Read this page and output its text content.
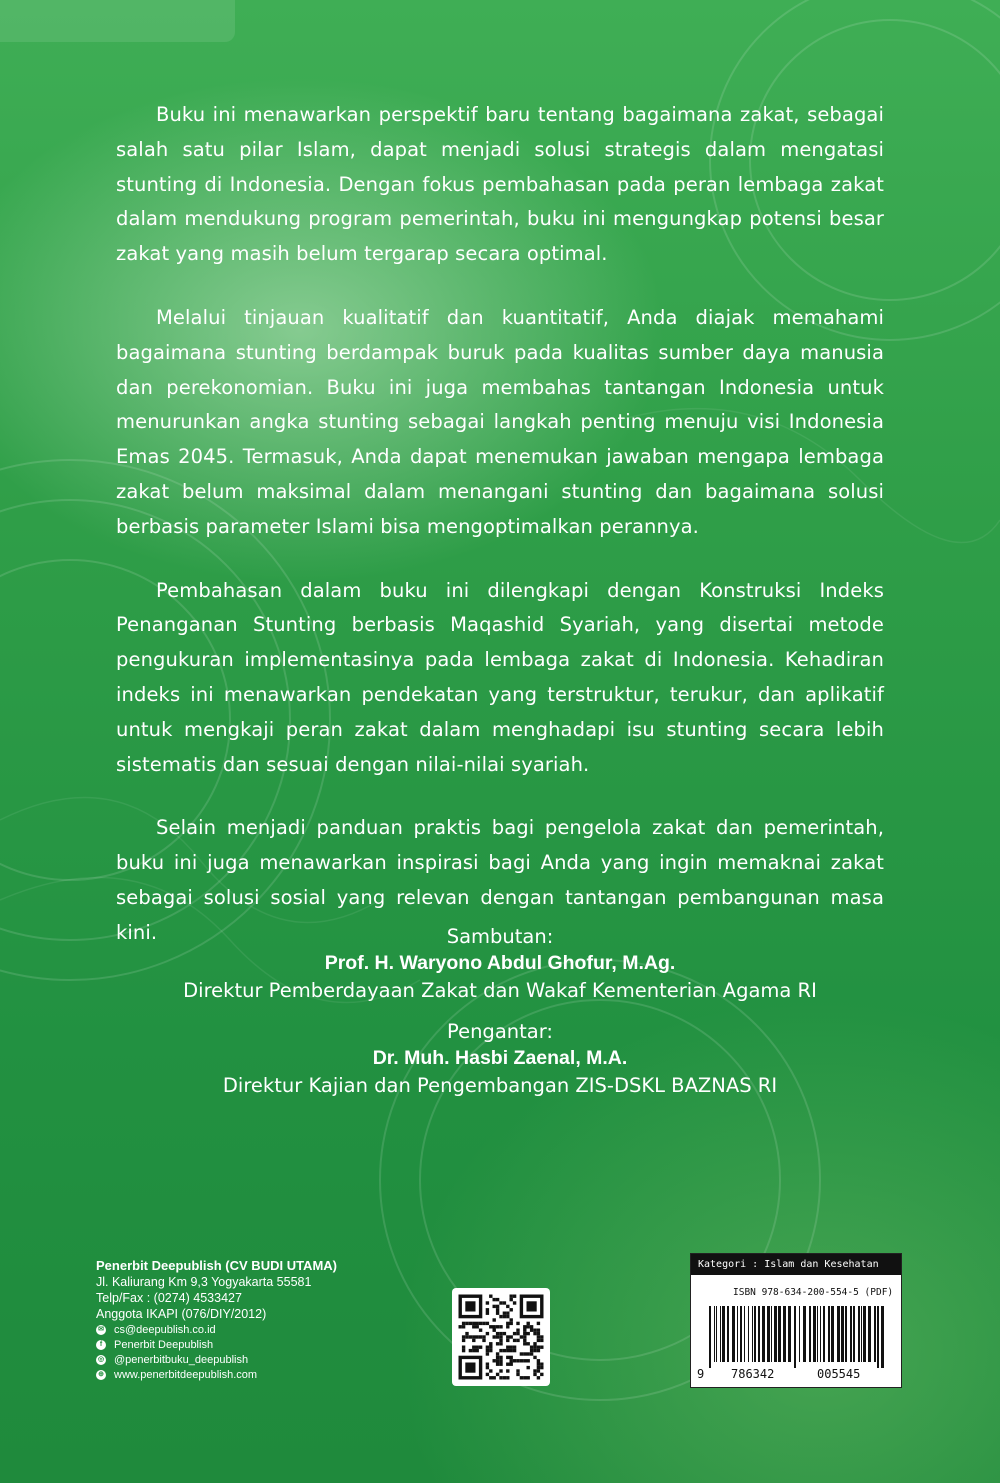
Buku ini menawarkan perspektif baru tentang bagaimana zakat, sebagai salah satu pilar Islam, dapat menjadi solusi strategis dalam mengatasi stunting di Indonesia. Dengan fokus pembahasan pada peran lembaga zakat dalam mendukung program pemerintah, buku ini mengungkap potensi besar zakat yang masih belum tergarap secara optimal.

Melalui tinjauan kualitatif dan kuantitatif, Anda diajak memahami bagaimana stunting berdampak buruk pada kualitas sumber daya manusia dan perekonomian. Buku ini juga membahas tantangan Indonesia untuk menurunkan angka stunting sebagai langkah penting menuju visi Indonesia Emas 2045. Termasuk, Anda dapat menemukan jawaban mengapa lembaga zakat belum maksimal dalam menangani stunting dan bagaimana solusi berbasis parameter Islami bisa mengoptimalkan perannya.

Pembahasan dalam buku ini dilengkapi dengan Konstruksi Indeks Penanganan Stunting berbasis Maqashid Syariah, yang disertai metode pengukuran implementasinya pada lembaga zakat di Indonesia. Kehadiran indeks ini menawarkan pendekatan yang terstruktur, terukur, dan aplikatif untuk mengkaji peran zakat dalam menghadapi isu stunting secara lebih sistematis dan sesuai dengan nilai-nilai syariah.

Selain menjadi panduan praktis bagi pengelola zakat dan pemerintah, buku ini juga menawarkan inspirasi bagi Anda yang ingin memaknai zakat sebagai solusi sosial yang relevan dengan tantangan pembangunan masa kini.	Sambutan:
Prof. H. Waryono Abdul Ghofur, M.Ag.
Direktur Pemberdayaan Zakat dan Wakaf Kementerian Agama RI
Pengantar:
Dr. Muh. Hasbi Zaenal, M.A.
Direktur Kajian dan Pengembangan ZIS-DSKL BAZNAS RI
Penerbit Deepublish (CV BUDI UTAMA)
Jl. Kaliurang Km 9,3 Yogyakarta 55581
Telp/Fax : (0274) 4533427
Anggota IKAPI (076/DIY/2012)
✉ cs@deepublish.co.id
f	Penerbit Deepublish
◎ @penerbitbuku_deepublish
⊕ www.penerbitdeepublish.com
Kategori : Islam dan Kesehatan
ISBN 978-634-200-554-5 (PDF)
9 786342	005545
